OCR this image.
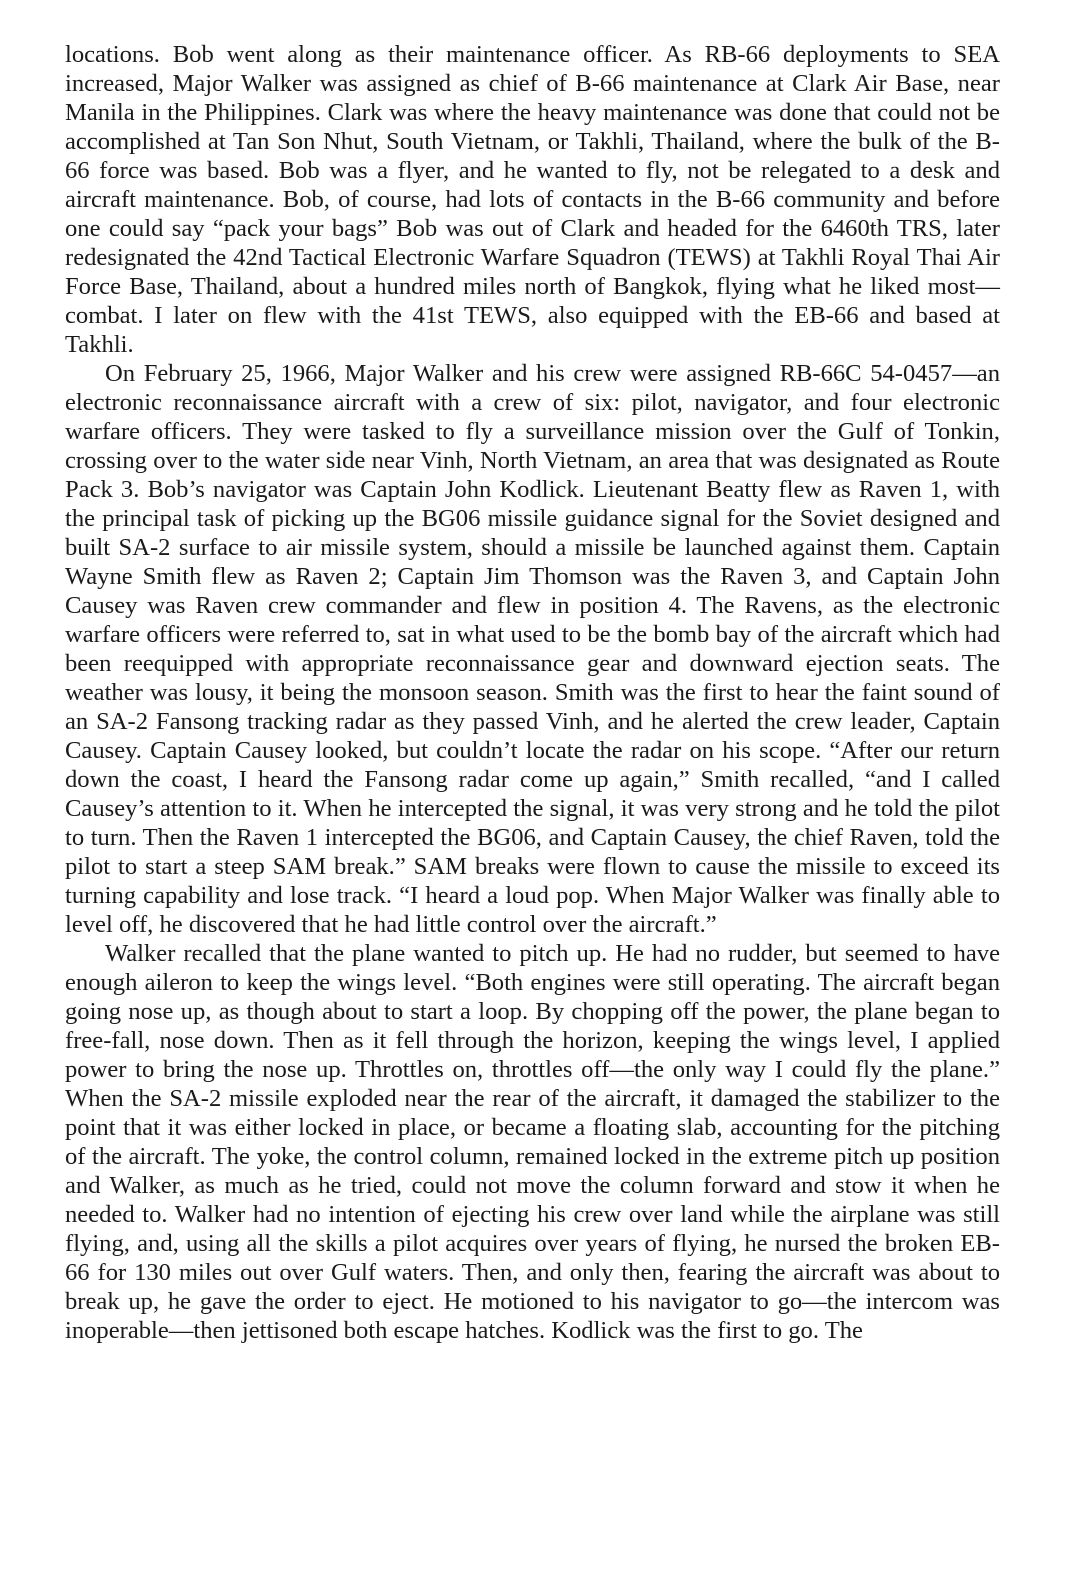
locations. Bob went along as their maintenance officer. As RB-66 deployments to SEA increased, Major Walker was assigned as chief of B-66 maintenance at Clark Air Base, near Manila in the Philippines. Clark was where the heavy maintenance was done that could not be accomplished at Tan Son Nhut, South Vietnam, or Takhli, Thailand, where the bulk of the B-66 force was based. Bob was a flyer, and he wanted to fly, not be relegated to a desk and aircraft maintenance. Bob, of course, had lots of contacts in the B-66 community and before one could say “pack your bags” Bob was out of Clark and headed for the 6460th TRS, later redesignated the 42nd Tactical Electronic Warfare Squadron (TEWS) at Takhli Royal Thai Air Force Base, Thailand, about a hundred miles north of Bangkok, flying what he liked most—combat. I later on flew with the 41st TEWS, also equipped with the EB-66 and based at Takhli.

On February 25, 1966, Major Walker and his crew were assigned RB-66C 54-0457—an electronic reconnaissance aircraft with a crew of six: pilot, navigator, and four electronic warfare officers. They were tasked to fly a surveillance mission over the Gulf of Tonkin, crossing over to the water side near Vinh, North Vietnam, an area that was designated as Route Pack 3. Bob’s navigator was Captain John Kodlick. Lieutenant Beatty flew as Raven 1, with the principal task of picking up the BG06 missile guidance signal for the Soviet designed and built SA-2 surface to air missile system, should a missile be launched against them. Captain Wayne Smith flew as Raven 2; Captain Jim Thomson was the Raven 3, and Captain John Causey was Raven crew commander and flew in position 4. The Ravens, as the electronic warfare officers were referred to, sat in what used to be the bomb bay of the aircraft which had been reequipped with appropriate reconnaissance gear and downward ejection seats. The weather was lousy, it being the monsoon season. Smith was the first to hear the faint sound of an SA-2 Fansong tracking radar as they passed Vinh, and he alerted the crew leader, Captain Causey. Captain Causey looked, but couldn’t locate the radar on his scope. “After our return down the coast, I heard the Fansong radar come up again,” Smith recalled, “and I called Causey’s attention to it. When he intercepted the signal, it was very strong and he told the pilot to turn. Then the Raven 1 intercepted the BG06, and Captain Causey, the chief Raven, told the pilot to start a steep SAM break.” SAM breaks were flown to cause the missile to exceed its turning capability and lose track. “I heard a loud pop. When Major Walker was finally able to level off, he discovered that he had little control over the aircraft.”

Walker recalled that the plane wanted to pitch up. He had no rudder, but seemed to have enough aileron to keep the wings level. “Both engines were still operating. The aircraft began going nose up, as though about to start a loop. By chopping off the power, the plane began to free-fall, nose down. Then as it fell through the horizon, keeping the wings level, I applied power to bring the nose up. Throttles on, throttles off—the only way I could fly the plane.” When the SA-2 missile exploded near the rear of the aircraft, it damaged the stabilizer to the point that it was either locked in place, or became a floating slab, accounting for the pitching of the aircraft. The yoke, the control column, remained locked in the extreme pitch up position and Walker, as much as he tried, could not move the column forward and stow it when he needed to. Walker had no intention of ejecting his crew over land while the airplane was still flying, and, using all the skills a pilot acquires over years of flying, he nursed the broken EB-66 for 130 miles out over Gulf waters. Then, and only then, fearing the aircraft was about to break up, he gave the order to eject. He motioned to his navigator to go—the intercom was inoperable—then jettisoned both escape hatches. Kodlick was the first to go. The
